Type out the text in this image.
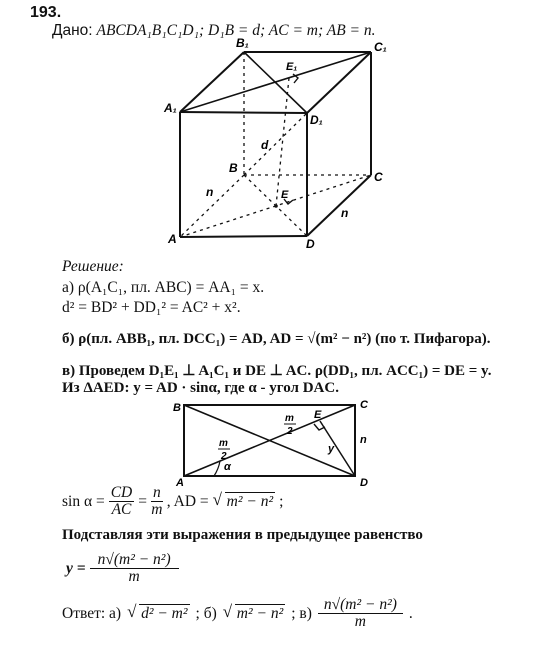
193.
Дано: ABCDA₁B₁C₁D₁; D₁B = d; AC = m; AB = n.
B₁	C₁
A₁
D₁
E₁
B
C
A	D
E
d
n
n
B	C
A	D
E
y
n
α
m
2
m
2
Решение:
а) ρ(A₁C₁, пл. ABC) = AA₁ = x.
d² = BD² + DD₁² = AC² + x².
б) ρ(пл. ABB₁, пл. DCC₁) = AD, AD = √(m² − n²) (по т. Пифагора).
в) Проведем D₁E₁ ⊥ A₁C₁ и DE ⊥ AC. ρ(DD₁, пл. ACC₁) = DE = y.
Из ΔAED: y = AD · sinα, где α - угол DAC.
$\sin \alpha = \frac{CD}{AC} = \frac{n}{m}$ , AD =	√ m² − n² ;
Подставляя эти выражения в предыдущее равенство
$y = \frac{\text{n√(m² − n²)}}{m}$
Ответ: а)	√ d² − m² ; б)	√ m² − n² ; $в) \frac{\text{n√(m² − n²)}}{m}$ .
